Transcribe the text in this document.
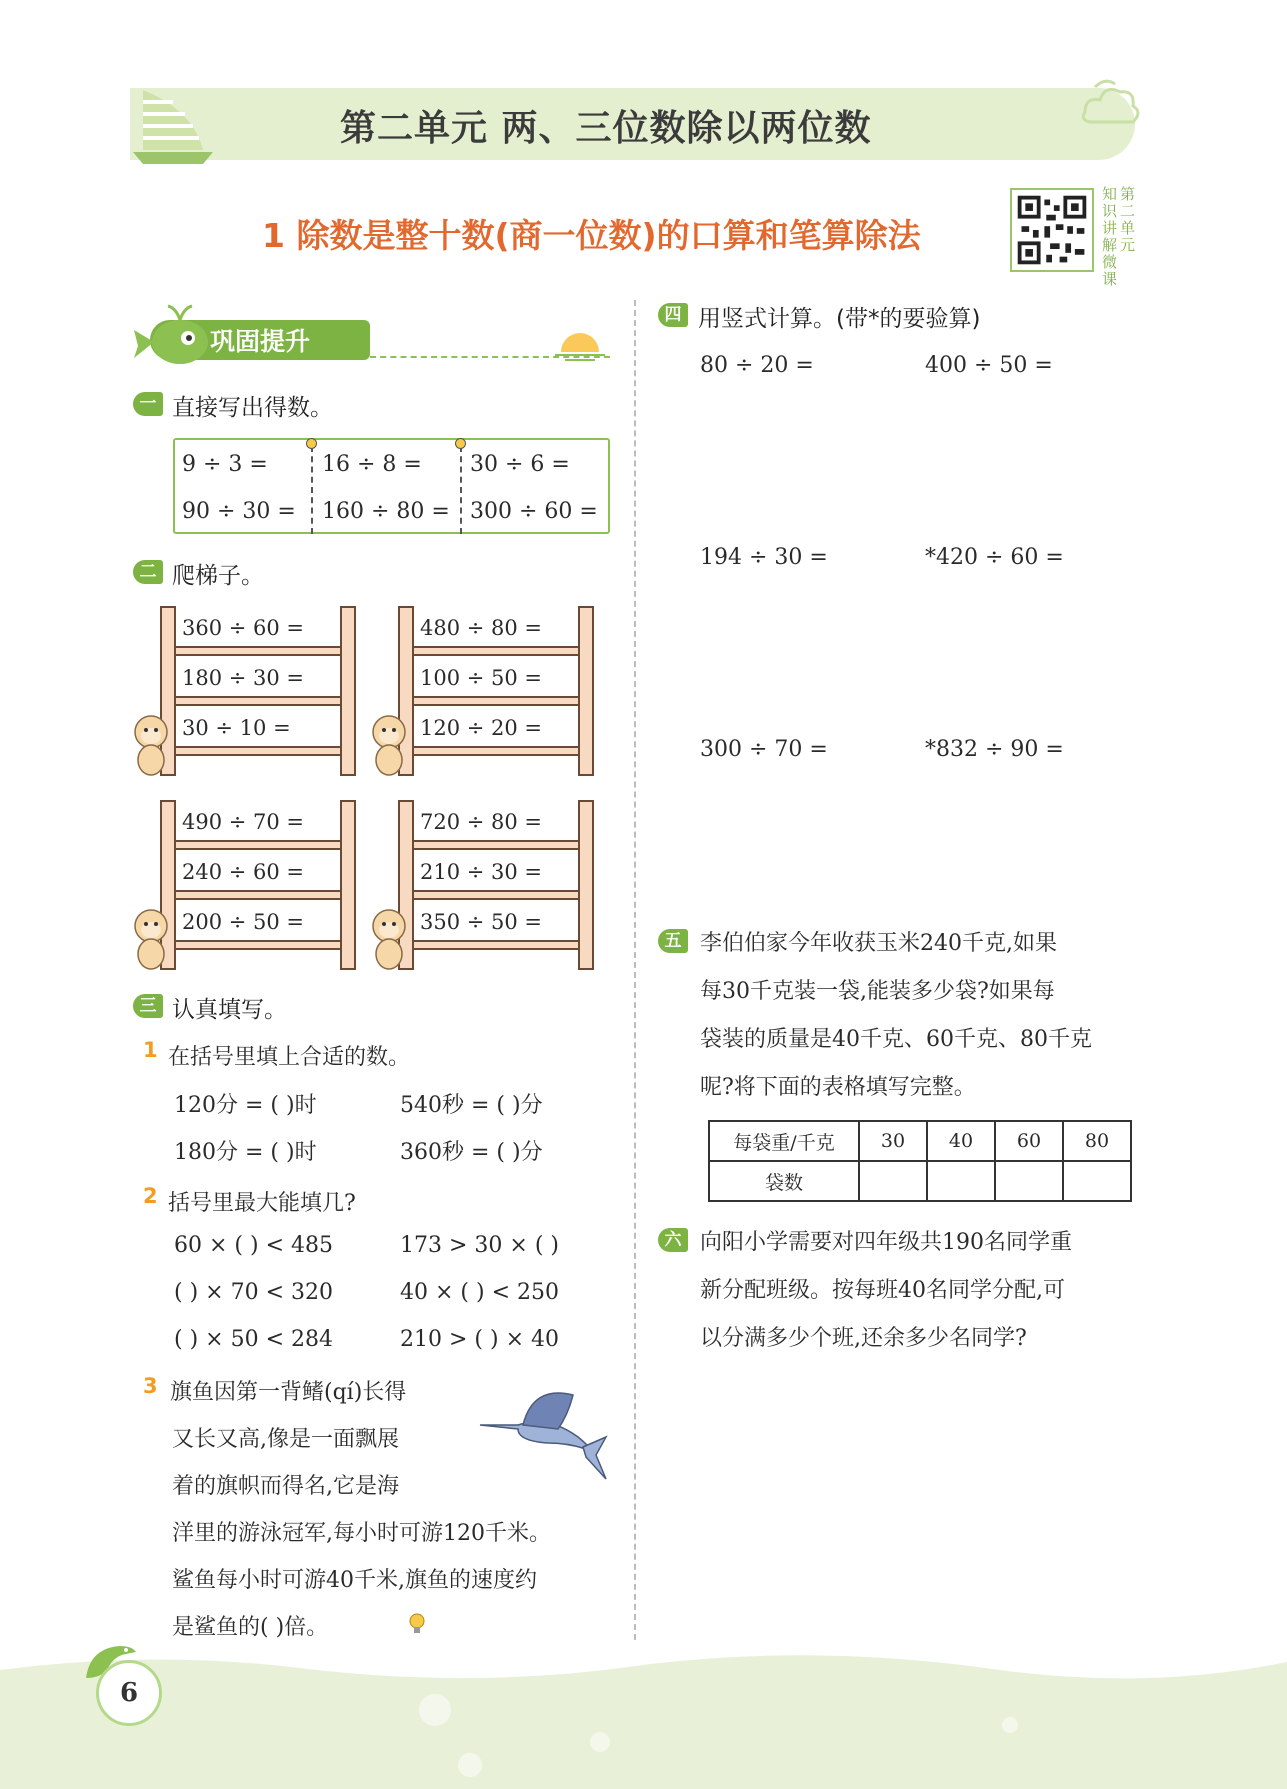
第二单元 两、三位数除以两位数
1 除数是整十数(商一位数)的口算和笔算除法
第
二
单
元
知
识
讲
解
微
课
巩固提升
一 直接写出得数。
9 ÷ 3 = 16 ÷ 8 = 30 ÷ 6 =
90 ÷ 30 = 160 ÷ 80 = 300 ÷ 60 =
二 爬梯子。
360 ÷ 60 =
180 ÷ 30 =
30 ÷ 10 =
480 ÷ 80 =
100 ÷ 50 =
120 ÷ 20 =
490 ÷ 70 =
240 ÷ 60 =
200 ÷ 50 =
720 ÷ 80 =
210 ÷ 30 =
350 ÷ 50 =
三 认真填写。
1 在括号里填上合适的数。
120分 = ( )时	540秒 = ( )分
180分 = ( )时	360秒 = ( )分
2 括号里最大能填几?
60 × ( ) < 485	173 > 30 × ( )
( ) × 70 < 320	40 × ( ) < 250
( ) × 50 < 284	210 > ( ) × 40
3 旗鱼因第一背鳍(qí)长得
又长又高,像是一面飘展
着的旗帜而得名,它是海
洋里的游泳冠军,每小时可游120千米。
鲨鱼每小时可游40千米,旗鱼的速度约
是鲨鱼的( )倍。
四 用竖式计算。(带*的要验算)
80 ÷ 20 =	400 ÷ 50 =
194 ÷ 30 =	*420 ÷ 60 =
300 ÷ 70 =	*832 ÷ 90 =
五 李伯伯家今年收获玉米240千克,如果
每30千克装一袋,能装多少袋?如果每
袋装的质量是40千克、60千克、80千克
呢?将下面的表格填写完整。
每袋重/千克	30	40	60	80
袋数				
六 向阳小学需要对四年级共190名同学重
新分配班级。按每班40名同学分配,可
以分满多少个班,还余多少名同学?
6
